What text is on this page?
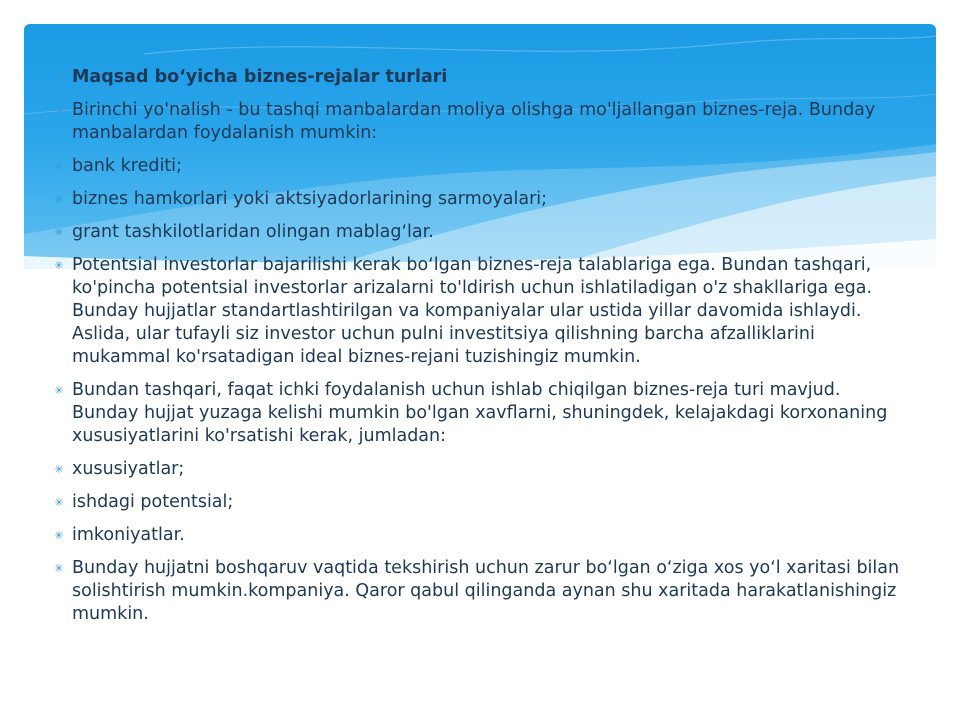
✳ Maqsad boʻyicha biznes-rejalar turlari
✳ Birinchi yo'nalish - bu tashqi manbalardan moliya olishga mo'ljallangan biznes-reja. Bunday manbalardan foydalanish mumkin:
✳ bank krediti;
✳ biznes hamkorlari yoki aktsiyadorlarining sarmoyalari;
✳ grant tashkilotlaridan olingan mablagʻlar.
✳ Potentsial investorlar bajarilishi kerak boʻlgan biznes-reja talablariga ega. Bundan tashqari, ko'pincha potentsial investorlar arizalarni to'ldirish uchun ishlatiladigan o'z shakllariga ega. Bunday hujjatlar standartlashtirilgan va kompaniyalar ular ustida yillar davomida ishlaydi. Aslida, ular tufayli siz investor uchun pulni investitsiya qilishning barcha afzalliklarini mukammal ko'rsatadigan ideal biznes-rejani tuzishingiz mumkin.
✳ Bundan tashqari, faqat ichki foydalanish uchun ishlab chiqilgan biznes-reja turi mavjud. Bunday hujjat yuzaga kelishi mumkin bo'lgan xavflarni, shuningdek, kelajakdagi korxonaning xususiyatlarini ko'rsatishi kerak, jumladan:
✳ xususiyatlar;
✳ ishdagi potentsial;
✳ imkoniyatlar.
✳ Bunday hujjatni boshqaruv vaqtida tekshirish uchun zarur boʻlgan oʻziga xos yoʻl xaritasi bilan solishtirish mumkin.kompaniya. Qaror qabul qilinganda aynan shu xaritada harakatlanishingiz mumkin.
